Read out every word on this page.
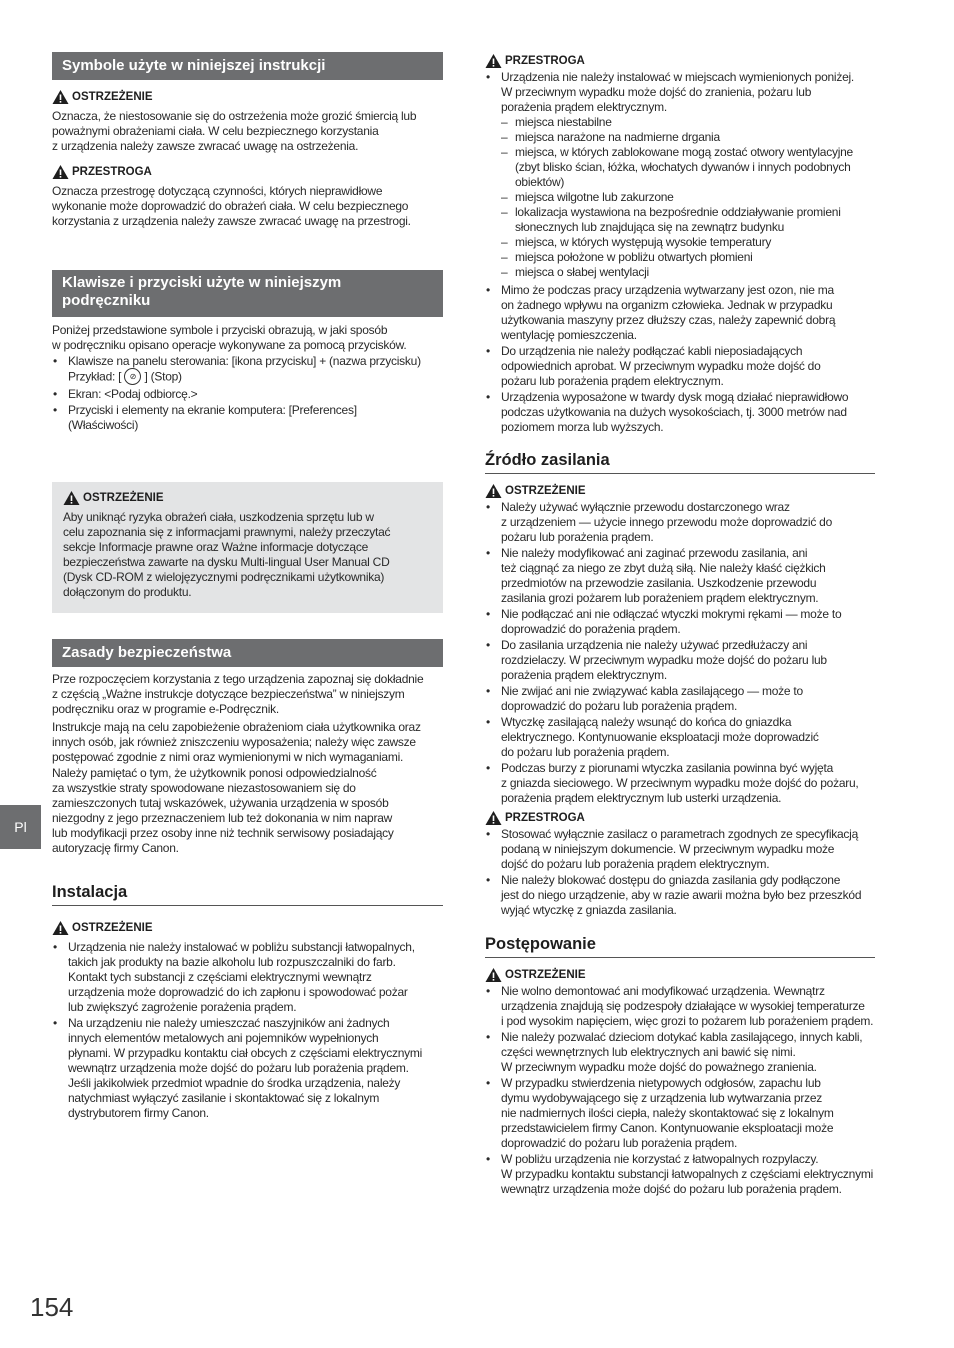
Symbole użyte w niniejszej instrukcji
OSTRZEŻENIE

Oznacza, że niestosowanie się do ostrzeżenia może grozić śmiercią lub
poważnymi obrażeniami ciała. W celu bezpiecznego korzystania
z urządzenia należy zawsze zwracać uwagę na ostrzeżenia.

PRZESTROGA

Oznacza przestrogę dotyczącą czynności, których nieprawidłowe
wykonanie może doprowadzić do obrażeń ciała. W celu bezpiecznego
korzystania z urządzenia należy zawsze zwracać uwagę na przestrogi.

Klawisze i przyciski użyte w niniejszym
podręczniku

Poniżej przedstawione symbole i przyciski obrazują, w jaki sposób
w podręczniku opisano operacje wykonywane za pomocą przycisków.

• Klawisze na panelu sterowania: [ikona przycisku] + (nazwa przycisku)
Przykład: [ ⊘ ] (Stop)
• Ekran: <Podaj odbiorcę.>
• Przyciski i elementy na ekranie komputera: [Preferences]
(Właściwości)
OSTRZEŻENIE

Aby uniknąć ryzyka obrażeń ciała, uszkodzenia sprzętu lub w
celu zapoznania się z informacjami prawnymi, należy przeczytać
sekcje Informacje prawne oraz Ważne informacje dotyczące
bezpieczeństwa zawarte na dysku Multi-lingual User Manual CD
(Dysk CD-ROM z wielojęzycznymi podręcznikami użytkownika)
dołączonym do produktu.

Zasady bezpieczeństwa

Prze rozpoczęciem korzystania z tego urządzenia zapoznaj się dokładnie
z częścią „Ważne instrukcje dotyczące bezpieczeństwa” w niniejszym
podręczniku oraz w programie e-Podręcznik.

Instrukcje mają na celu zapobieżenie obrażeniom ciała użytkownika oraz
innych osób, jak również zniszczeniu wyposażenia; należy więc zawsze
postępować zgodnie z nimi oraz wymienionymi w nich wymaganiami.

Należy pamiętać o tym, że użytkownik ponosi odpowiedzialność
za wszystkie straty spowodowane niezastosowaniem się do
zamieszczonych tutaj wskazówek, używania urządzenia w sposób
niezgodny z jego przeznaczeniem lub też dokonania w nim napraw
lub modyfikacji przez osoby inne niż technik serwisowy posiadający
autoryzację firmy Canon.

Instalacja
OSTRZEŻENIE
• Urządzenia nie należy instalować w pobliżu substancji łatwopalnych,
takich jak produkty na bazie alkoholu lub rozpuszczalniki do farb.
Kontakt tych substancji z częściami elektrycznymi wewnątrz
urządzenia może doprowadzić do ich zapłonu i spowodować pożar
lub zwiększyć zagrożenie porażenia prądem.
• Na urządzeniu nie należy umieszczać naszyjników ani żadnych
innych elementów metalowych ani pojemników wypełnionych
płynami. W przypadku kontaktu ciał obcych z częściami elektrycznymi
wewnątrz urządzenia może dojść do pożaru lub porażenia prądem.
Jeśli jakikolwiek przedmiot wpadnie do środka urządzenia, należy
natychmiast wyłączyć zasilanie i skontaktować się z lokalnym
dystrybutorem firmy Canon.
PRZESTROGA
• Urządzenia nie należy instalować w miejscach wymienionych poniżej.
W przeciwnym wypadku może dojść do zranienia, pożaru lub
porażenia prądem elektrycznym.
– miejsca niestabilne
– miejsca narażone na nadmierne drgania
– miejsca, w których zablokowane mogą zostać otwory wentylacyjne
(zbyt blisko ścian, łóżka, włochatych dywanów i innych podobnych
obiektów)
– miejsca wilgotne lub zakurzone
– lokalizacja wystawiona na bezpośrednie oddziaływanie promieni
słonecznych lub znajdująca się na zewnątrz budynku
– miejsca, w których występują wysokie temperatury
– miejsca położone w pobliżu otwartych płomieni
– miejsca o słabej wentylacji
• Mimo że podczas pracy urządzenia wytwarzany jest ozon, nie ma
on żadnego wpływu na organizm człowieka. Jednak w przypadku
użytkowania maszyny przez dłuższy czas, należy zapewnić dobrą
wentylację pomieszczenia.
• Do urządzenia nie należy podłączać kabli nieposiadających
odpowiednich aprobat. W przeciwnym wypadku może dojść do
pożaru lub porażenia prądem elektrycznym.
• Urządzenia wyposażone w twardy dysk mogą działać nieprawidłowo
podczas użytkowania na dużych wysokościach, tj. 3000 metrów nad
poziomem morza lub wyższych.
Źródło zasilania
OSTRZEŻENIE
• Należy używać wyłącznie przewodu dostarczonego wraz
z urządzeniem — użycie innego przewodu może doprowadzić do
pożaru lub porażenia prądem.
• Nie należy modyfikować ani zaginać przewodu zasilania, ani
też ciągnąć za niego ze zbyt dużą siłą. Nie należy kłaść ciężkich
przedmiotów na przewodzie zasilania. Uszkodzenie przewodu
zasilania grozi pożarem lub porażeniem prądem elektrycznym.
• Nie podłączać ani nie odłączać wtyczki mokrymi rękami — może to
doprowadzić do porażenia prądem.
• Do zasilania urządzenia nie należy używać przedłużaczy ani
rozdzielaczy. W przeciwnym wypadku może dojść do pożaru lub
porażenia prądem elektrycznym.
• Nie zwijać ani nie związywać kabla zasilającego — może to
doprowadzić do pożaru lub porażenia prądem.
• Wtyczkę zasilającą należy wsunąć do końca do gniazdka
elektrycznego. Kontynuowanie eksploatacji może doprowadzić
do pożaru lub porażenia prądem.
• Podczas burzy z piorunami wtyczka zasilania powinna być wyjęta
z gniazda sieciowego. W przeciwnym wypadku może dojść do pożaru,
porażenia prądem elektrycznym lub usterki urządzenia.
PRZESTROGA
• Stosować wyłącznie zasilacz o parametrach zgodnych ze specyfikacją
podaną w niniejszym dokumencie. W przeciwnym wypadku może
dojść do pożaru lub porażenia prądem elektrycznym.
• Nie należy blokować dostępu do gniazda zasilania gdy podłączone
jest do niego urządzenie, aby w razie awarii można było bez przeszkód
wyjąć wtyczkę z gniazda zasilania.
Postępowanie
OSTRZEŻENIE
• Nie wolno demontować ani modyfikować urządzenia. Wewnątrz
urządzenia znajdują się podzespoły działające w wysokiej temperaturze
i pod wysokim napięciem, więc grozi to pożarem lub porażeniem prądem.
• Nie należy pozwalać dzieciom dotykać kabla zasilającego, innych kabli,
części wewnętrznych lub elektrycznych ani bawić się nimi.
W przeciwnym wypadku może dojść do poważnego zranienia.
• W przypadku stwierdzenia nietypowych odgłosów, zapachu lub
dymu wydobywającego się z urządzenia lub wytwarzania przez
nie nadmiernych ilości ciepła, należy skontaktować się z lokalnym
przedstawicielem firmy Canon. Kontynuowanie eksploatacji może
doprowadzić do pożaru lub porażenia prądem.
• W pobliżu urządzenia nie korzystać z łatwopalnych rozpylaczy.
W przypadku kontaktu substancji łatwopalnych z częściami elektrycznymi
wewnątrz urządzenia może dojść do pożaru lub porażenia prądem.
Pl
154
